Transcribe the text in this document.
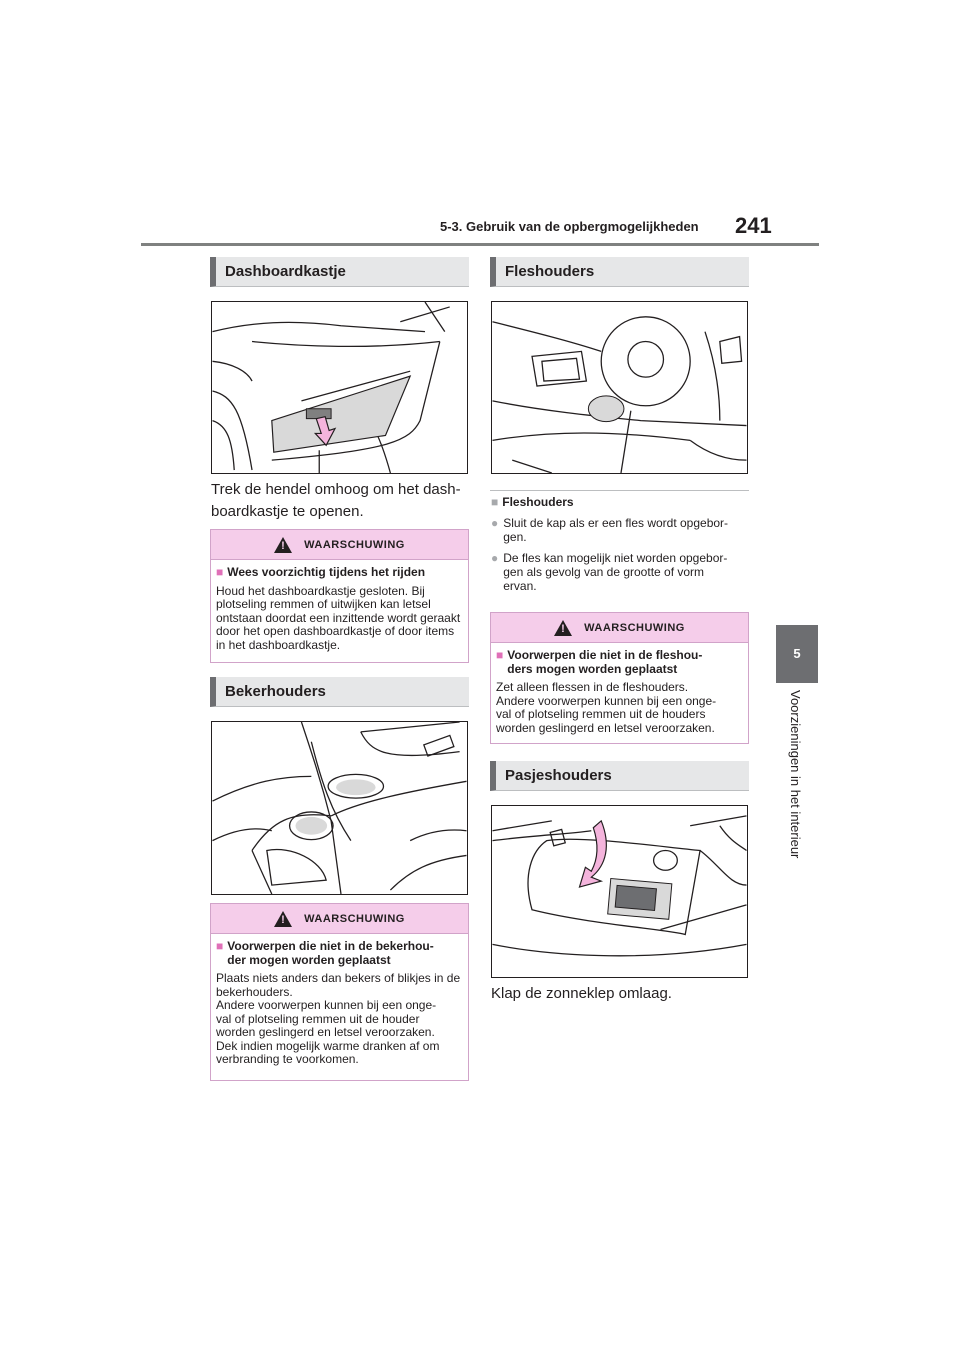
5-3. Gebruik van de opbergmogelijkheden 241
5
Voorzieningen in het interieur
Dashboardkastje
Trek de hendel omhoog om het dash-
boardkastje te openen.
!
WAARSCHUWING
■ Wees voorzichtig tijdens het rijden
Houd het dashboardkastje gesloten. Bij plotseling remmen of uitwijken kan letsel ontstaan doordat een inzittende wordt geraakt door het open dashboardkastje of door items in het dashboardkastje.
Bekerhouders
!
WAARSCHUWING
■ Voorwerpen die niet in de bekerhou-
der mogen worden geplaatst
Plaats niets anders dan bekers of blikjes in de bekerhouders.
Andere voorwerpen kunnen bij een onge-
val of plotseling remmen uit de houder worden geslingerd en letsel veroorzaken.
Dek indien mogelijk warme dranken af om verbranding te voorkomen.
Fleshouders
■ Fleshouders
● Sluit de kap als er een fles wordt opgebor-
gen.
● De fles kan mogelijk niet worden opgebor-
gen als gevolg van de grootte of vorm
ervan.
!
WAARSCHUWING
■ Voorwerpen die niet in de fleshou-
ders mogen worden geplaatst
Zet alleen flessen in de fleshouders.
Andere voorwerpen kunnen bij een onge-
val of plotseling remmen uit de houders worden geslingerd en letsel veroorzaken.
Pasjeshouders
Klap de zonneklep omlaag.
